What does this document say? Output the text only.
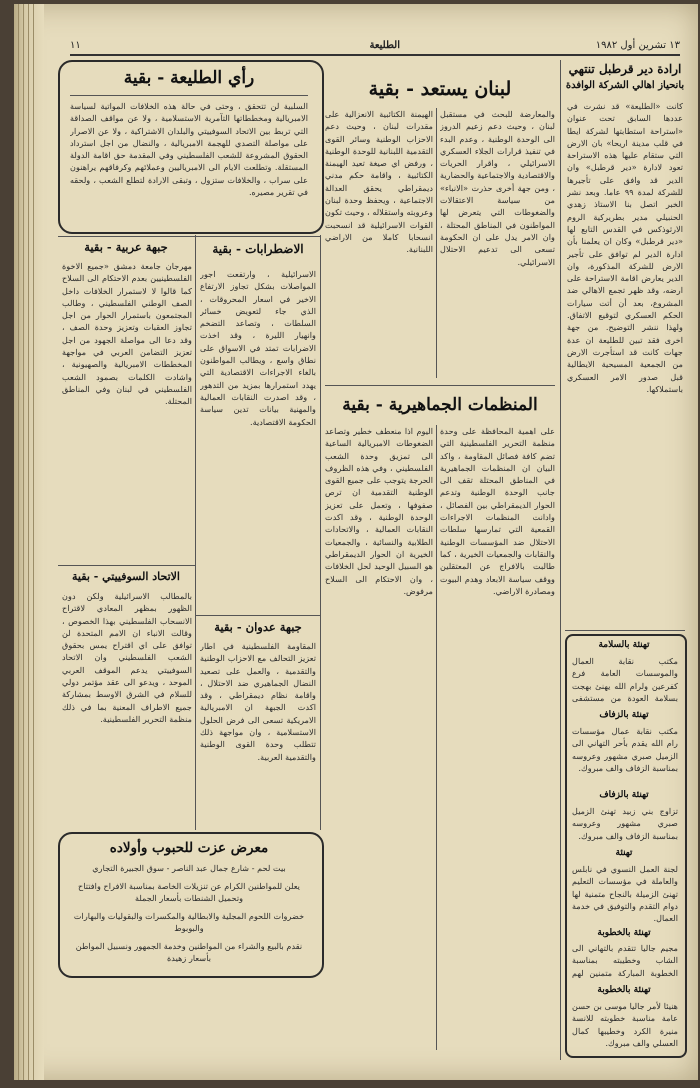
١٣ تشرين أول ١٩٨٢
الطليعة
١١
ارادة دير قرطبل تنتهي
بانحياز اهالي الشركة الوافدة
كانت «الطليعة» قد نشرت في عددها السابق تحت عنوان «استراحة استطابتها لشركة ايطا في قلب مدينة اريحا» بان الارض التي ستقام عليها هذه الاستراحة تعود لادارة «دير قرطبل» وان الدير قد وافق على تأجيرها للشركة لمدة ٩٩ عاما. وبعد نشر الخبر اتصل بنا الاستاذ زهدي الحنبيلي مدير بطريركية الروم الارثوذكس في القدس التابع لها «دير قرطبل» وكان ان يعلمنا بأن ادارة الدير لم توافق على تأجير الارض للشركة المذكورة، وان الدير يعارض اقامة الاستراحة على ارضه، وقد ظهر تجمع الاهالي ضد المشروع، بعد أن أتت سيارات الحكم العسكري لتوقيع الاتفاق. ولهذا ننشر التوضيح. من جهة اخرى فقد تبين للطليعة ان عدة جهات كانت قد استأجرت الارض من الجمعية المسيحية الايطالية قبل صدور الامر العسكري باستملاكها.
تهنئة بالسلامة
مكتب نقابة العمال والموسسات العامة فرع كفرعين ولرام الله يهنئ بهجت بسلامة العودة من مستشفى
تهنئة بالزفاف
مكتب نقابة عمال مؤسسات رام الله يقدم بأحر التهاني الى الزميل صبري مشهور وعروسه بمناسبة الزفاف والف مبروك.
تهنئة بالزفاف
تزاوج بني زبيد تهنئ الزميل صبري مشهور وعروسه بمناسبة الزفاف والف مبروك.
تهنئة
لجنة العمل النسوي في نابلس والعاملة في مؤسسات التعليم تهنئ الزميلة بالنجاح متمنية لها دوام التقدم والتوفيق في خدمة العمال.
تهنئة بالخطوبة
مجيم جاليا تتقدم بالتهاني الى الشاب وخطيبته بمناسبة الخطوبة المباركة متمنين لهم
تهنئة بالخطوبة
هنيئا لأمر جاليا موسى بن حسن عامة مناسبة خطوبته للانسة منيرة الكرد وخطيبها كمال العسلي والف مبروك.
رأي الطليعة - بقية
السلبية لن تتحقق ، وحتى في حالة هذه الخلافات المواتية لسياسة الامبريالية ومخططاتها التآمرية الاستسلامية ، ولا عن مواقف الصداقة التي تربط بين الاتحاد السوفييتي والبلدان الاشتراكية ، ولا عن الاصرار على مواصلة التصدي للهجمة الامبريالية ، والنضال من اجل استرداد الحقوق المشروعة للشعب الفلسطيني وفي المقدمة حق اقامة الدولة المستقلة. وتطلعت الايام الى الامبرياليين وعملائهم وكرفاقهم يراهنون على سراب ، والخلافات ستزول ، وتبقى الارادة لتطلع الشعب ، ولحقه في تقرير مصيره.
لبنان يستعد - بقية
والمعارضة للبحث في مستقبل لبنان ، وحيث دعم زعيم الدروز الى الوحدة الوطنية ، وعدم البدء في تنفيذ قرارات الجلاء العسكري الاسرائيلي ، واقرار الحريات والاقتصادية والاجتماعية والحضارية ، ومن جهة أخرى حذرت «الانباء» من سياسة الاعتقالات والضغوطات التي يتعرض لها المواطنون في المناطق المحتلة ، وان الامر يدل على ان الحكومة تسعى الى تدعيم الاحتلال الاسرائيلي.
الهيمنة الكتائبية الانعزالية على مقدرات لبنان ، وحيث دعم الاحزاب الوطنية وسائر القوى التقدمية اللبنانية للوحدة الوطنية ، ورفض اي صيغة تعيد الهيمنة الكتائبية ، واقامة حكم مدني ديمقراطي يحقق العدالة الاجتماعية ، ويحفظ وحدة لبنان وعروبته واستقلاله ، وحيث تكون القوات الاسرائيلية قد انسحبت انسحابا كاملا من الاراضي اللبنانية.
جبهة عربية - بقية
مهرجان جامعة دمشق «جميع الاخوة الفلسطينيين بعدم الاحتكام الى السلاح كما قالوا لا لاستمرار الخلافات داخل الصف الوطني الفلسطيني ، وطالب المجتمعون باستمرار الحوار من اجل تجاوز العقبات وتعزيز وحدة الصف ، وقد دعا الى مواصلة الجهود من اجل تعزيز التضامن العربي في مواجهة المخططات الامبريالية والصهيونية ، واشادت الكلمات بصمود الشعب الفلسطيني في لبنان وفي المناطق المحتلة.
الاضطرابات - بقية
الاسرائيلية ، وارتفعت اجور المواصلات بشكل تجاوز الارتفاع الاخير في اسعار المحروقات ، الذي جاء لتعويض خسائر السلطات ، وتصاعد التضخم وانهيار الليرة ، وقد اخذت الاضرابات تمتد في الاسواق على نطاق واسع ، ويطالب المواطنون بالغاء الاجراءات الاقتصادية التي يهدد استمرارها بمزيد من التدهور ، وقد اصدرت النقابات العمالية والمهنية بيانات تدين سياسة الحكومة الاقتصادية.
الاتحاد السوفييتي - بقية
بالمطالب الاسرائيلية ولكن دون الظهور بمظهر المعادي لاقتراح الانسحاب الفلسطيني بهذا الخصوص ، وقالت الانباء ان الامم المتحدة لن توافق على اي اقتراح يمس بحقوق الشعب الفلسطيني وان الاتحاد السوفييتي يدعم الموقف العربي الموحد ، ويدعو الى عقد مؤتمر دولي للسلام في الشرق الاوسط بمشاركة جميع الاطراف المعنية بما في ذلك منظمة التحرير الفلسطينية.
جبهة عدوان - بقية
المقاومة الفلسطينية في اطار تعزيز التحالف مع الاحزاب الوطنية والتقدمية ، والعمل على تصعيد النضال الجماهيري ضد الاحتلال ، واقامة نظام ديمقراطي ، وقد اكدت الجبهة ان الامبريالية الامريكية تسعى الى فرض الحلول الاستسلامية ، وان مواجهة ذلك تتطلب وحدة القوى الوطنية والتقدمية العربية.
المنظمات الجماهيرية - بقية
على اهمية المحافظة على وحدة منظمة التحرير الفلسطينية التي تضم كافة فصائل المقاومة ، واكد البيان ان المنظمات الجماهيرية في المناطق المحتلة تقف الى جانب الوحدة الوطنية وتدعم الحوار الديمقراطي بين الفصائل ، وادانت المنظمات الاجراءات القمعية التي تمارسها سلطات الاحتلال ضد المؤسسات الوطنية والنقابات والجمعيات الخيرية ، كما طالبت بالافراج عن المعتقلين ووقف سياسة الابعاد وهدم البيوت ومصادرة الاراضي.
اليوم اذا منعطف خطير وتصاعد الضغوطات الامبريالية الساعية الى تمزيق وحدة الشعب الفلسطيني ، وفي هذه الظروف الحرجة يتوجب على جميع القوى الوطنية التقدمية ان ترص صفوفها ، وتعمل على تعزيز الوحدة الوطنية ، وقد اكدت النقابات العمالية ، والاتحادات الطلابية والنسائية ، والجمعيات الخيرية ان الحوار الديمقراطي هو السبيل الوحيد لحل الخلافات ، وان الاحتكام الى السلاح مرفوض.
معرض عزت للحبوب وأولاده
بيت لحم - شارع جمال عبد الناصر - سوق الجبيرة التجاري
يعلن للمواطنين الكرام عن تنزيلات الخاصة بمناسبة الافراح وافتتاح وتحميل الشنطات بأسعار الجملة
خضروات اللحوم المجلية والابطالية والمكسرات والبقوليات والبهارات والبوبوط
نقدم بالبيع والشراء من المواطنين وخدمة الجمهور ونسبيل المواطن بأسعار زهيدة
